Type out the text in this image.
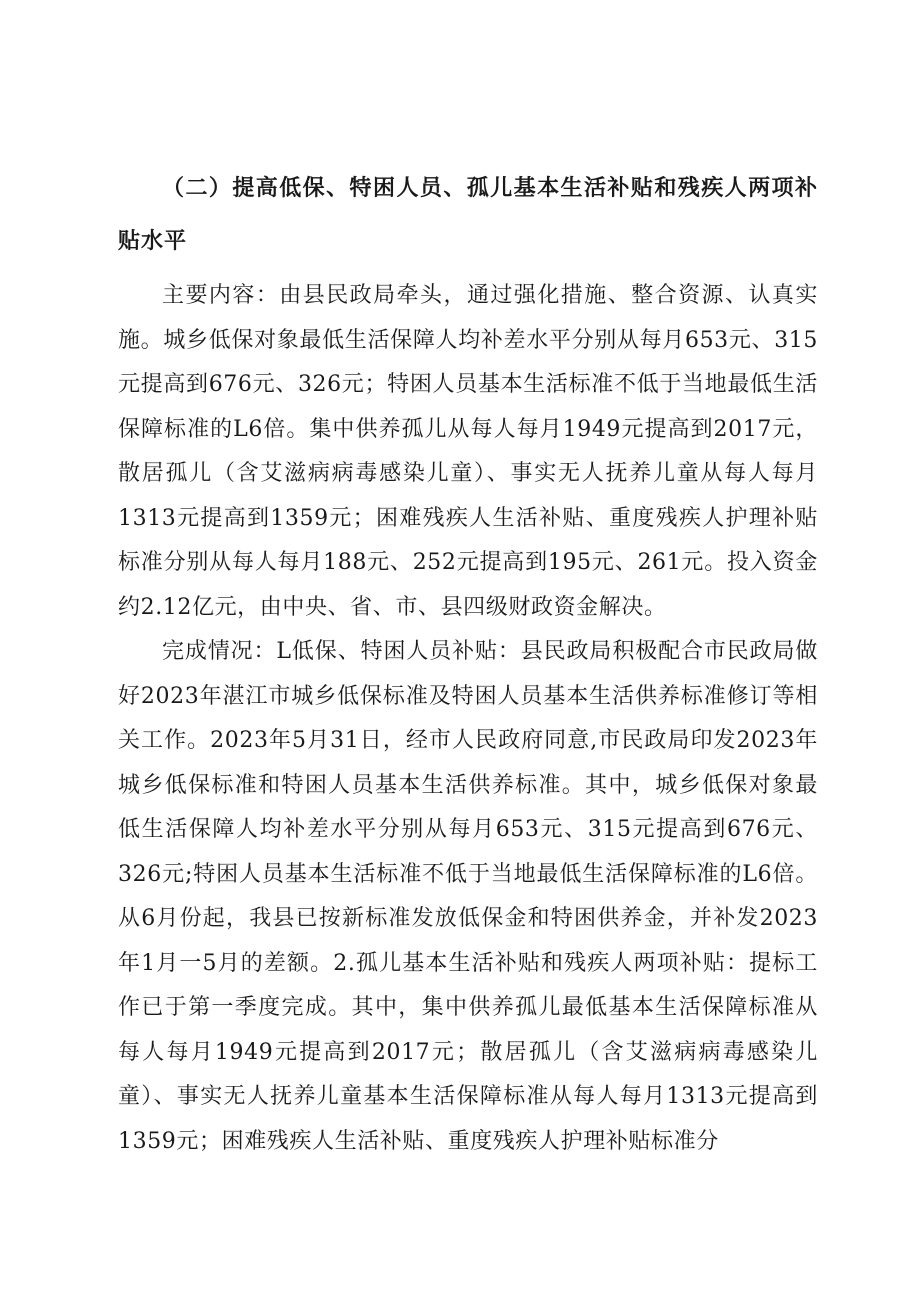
（二）提高低保、特困人员、孤儿基本生活补贴和残疾人两项补贴水平

主要内容：由县民政局牵头，通过强化措施、整合资源、认真实施。城乡低保对象最低生活保障人均补差水平分别从每月653元、315元提高到676元、326元；特困人员基本生活标准不低于当地最低生活保障标准的L6倍。集中供养孤儿从每人每月1949元提高到2017元，散居孤儿（含艾滋病病毒感染儿童）、事实无人抚养儿童从每人每月1313元提高到1359元；困难残疾人生活补贴、重度残疾人护理补贴标准分别从每人每月188元、252元提高到195元、261元。投入资金约2.12亿元，由中央、省、市、县四级财政资金解决。

完成情况：L低保、特困人员补贴：县民政局积极配合市民政局做好2023年湛江市城乡低保标准及特困人员基本生活供养标准修订等相关工作。2023年5月31日，经市人民政府同意,市民政局印发2023年城乡低保标准和特困人员基本生活供养标准。其中，城乡低保对象最低生活保障人均补差水平分别从每月653元、315元提高到676元、326元;特困人员基本生活标准不低于当地最低生活保障标准的L6倍。从6月份起，我县已按新标准发放低保金和特困供养金，并补发2023年1月一5月的差额。2.孤儿基本生活补贴和残疾人两项补贴：提标工作已于第一季度完成。其中，集中供养孤儿最低基本生活保障标准从每人每月1949元提高到2017元；散居孤儿（含艾滋病病毒感染儿童）、事实无人抚养儿童基本生活保障标准从每人每月1313元提高到1359元；困难残疾人生活补贴、重度残疾人护理补贴标准分
